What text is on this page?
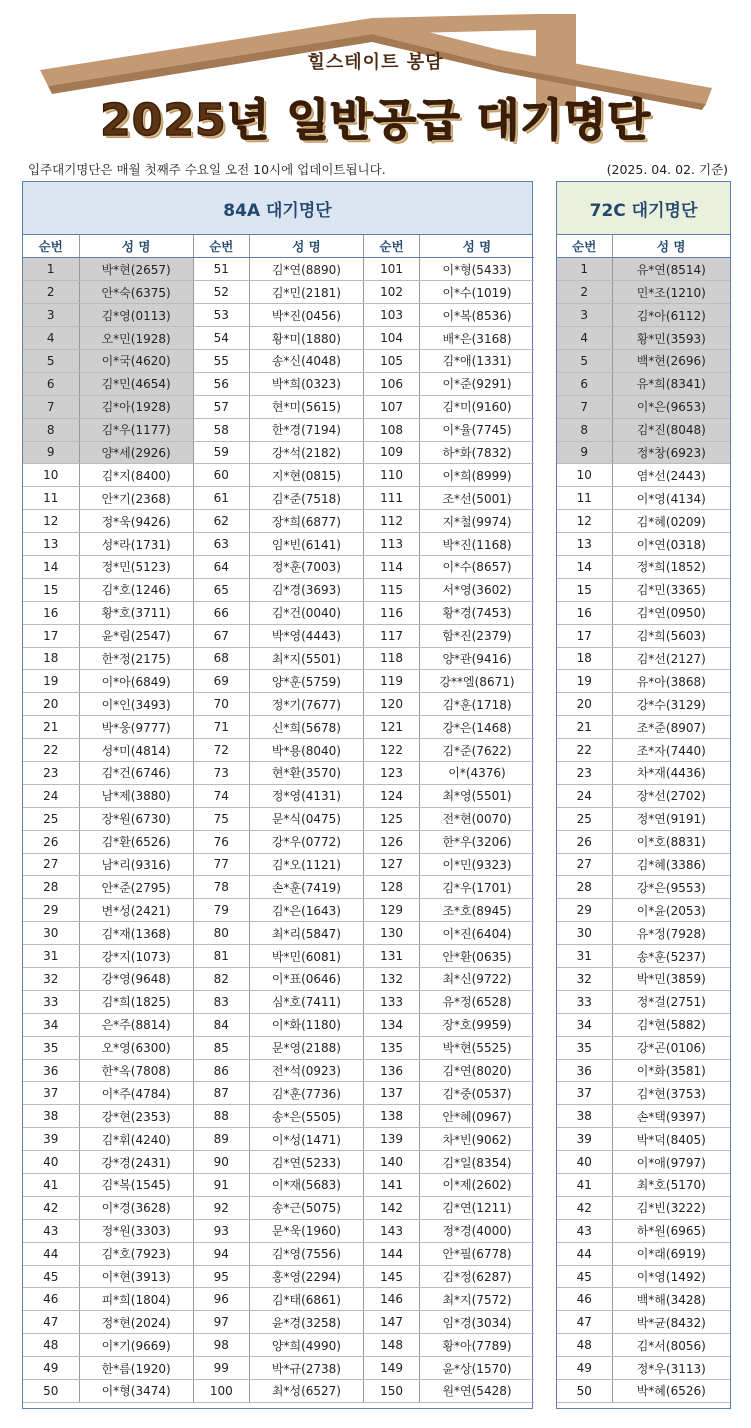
힐스테이트 봉담
2025년 일반공급 대기명단
입주대기명단은 매월 첫째주 수요일 오전 10시에 업데이트됩니다.	(2025. 04. 02. 기준)
84A 대기명단
순번	성 명	순번	성 명	순번	성 명
1	박*현(2657)	51	김*연(8890)	101	이*형(5433)
2	안*숙(6375)	52	김*민(2181)	102	이*수(1019)
3	김*영(0113)	53	박*진(0456)	103	이*복(8536)
4	오*민(1928)	54	황*미(1880)	104	배*은(3168)
5	이*국(4620)	55	송*신(4048)	105	김*애(1331)
6	김*민(4654)	56	박*희(0323)	106	이*준(9291)
7	김*아(1928)	57	현*미(5615)	107	김*미(9160)
8	김*우(1177)	58	한*경(7194)	108	이*율(7745)
9	양*세(2926)	59	강*석(2182)	109	하*화(7832)
10	김*지(8400)	60	지*현(0815)	110	이*희(8999)
11	안*기(2368)	61	김*준(7518)	111	조*선(5001)
12	정*욱(9426)	62	장*희(6877)	112	지*철(9974)
13	성*라(1731)	63	임*빈(6141)	113	박*진(1168)
14	정*민(5123)	64	정*훈(7003)	114	이*수(8657)
15	김*호(1246)	65	김*경(3693)	115	서*영(3602)
16	황*호(3711)	66	김*건(0040)	116	황*경(7453)
17	윤*림(2547)	67	박*영(4443)	117	함*진(2379)
18	한*정(2175)	68	최*지(5501)	118	양*관(9416)
19	이*아(6849)	69	양*훈(5759)	119	강**엘(8671)
20	이*인(3493)	70	정*기(7677)	120	김*훈(1718)
21	박*웅(9777)	71	신*희(5678)	121	강*은(1468)
22	성*미(4814)	72	박*용(8040)	122	김*준(7622)
23	김*건(6746)	73	현*환(3570)	123	이*(4376)
24	남*제(3880)	74	정*영(4131)	124	최*영(5501)
25	장*원(6730)	75	문*식(0475)	125	전*현(0070)
26	김*환(6526)	76	강*우(0772)	126	한*우(3206)
27	남*리(9316)	77	김*오(1121)	127	이*민(9323)
28	안*준(2795)	78	손*훈(7419)	128	김*우(1701)
29	변*성(2421)	79	김*은(1643)	129	조*호(8945)
30	김*재(1368)	80	최*리(5847)	130	이*진(6404)
31	강*지(1073)	81	박*민(6081)	131	안*환(0635)
32	강*영(9648)	82	이*표(0646)	132	최*신(9722)
33	김*희(1825)	83	심*호(7411)	133	유*정(6528)
34	은*주(8814)	84	이*화(1180)	134	장*호(9959)
35	오*영(6300)	85	문*영(2188)	135	박*현(5525)
36	한*옥(7808)	86	전*석(0923)	136	김*연(8020)
37	이*주(4784)	87	김*훈(7736)	137	김*중(0537)
38	강*현(2353)	88	송*은(5505)	138	안*혜(0967)
39	김*휘(4240)	89	이*성(1471)	139	차*빈(9062)
40	강*경(2431)	90	김*연(5233)	140	김*일(8354)
41	김*복(1545)	91	이*재(5683)	141	이*제(2602)
42	이*경(3628)	92	송*근(5075)	142	김*연(1211)
43	정*원(3303)	93	문*욱(1960)	143	정*경(4000)
44	김*호(7923)	94	김*영(7556)	144	안*필(6778)
45	이*현(3913)	95	홍*영(2294)	145	김*정(6287)
46	피*희(1804)	96	김*태(6861)	146	최*지(7572)
47	정*현(2024)	97	윤*경(3258)	147	임*경(3034)
48	이*기(9669)	98	양*희(4990)	148	황*아(7789)
49	한*름(1920)	99	박*규(2738)	149	윤*상(1570)
50	이*형(3474)	100	최*성(6527)	150	원*연(5428)
72C 대기명단
순번	성 명
1	유*연(8514)
2	민*조(1210)
3	김*아(6112)
4	황*민(3593)
5	백*현(2696)
6	유*희(8341)
7	이*은(9653)
8	김*진(8048)
9	정*창(6923)
10	염*선(2443)
11	이*영(4134)
12	김*혜(0209)
13	이*연(0318)
14	정*희(1852)
15	김*민(3365)
16	김*연(0950)
17	김*희(5603)
18	김*선(2127)
19	유*아(3868)
20	강*수(3129)
21	조*준(8907)
22	조*자(7440)
23	차*재(4436)
24	장*선(2702)
25	정*연(9191)
26	이*호(8831)
27	김*혜(3386)
28	강*은(9553)
29	이*윤(2053)
30	유*정(7928)
31	송*훈(5237)
32	박*민(3859)
33	정*걸(2751)
34	김*현(5882)
35	강*곤(0106)
36	이*화(3581)
37	김*현(3753)
38	손*택(9397)
39	박*덕(8405)
40	이*애(9797)
41	최*호(5170)
42	김*빈(3222)
43	하*원(6965)
44	이*래(6919)
45	이*영(1492)
46	백*해(3428)
47	박*균(8432)
48	김*서(8056)
49	정*우(3113)
50	박*혜(6526)
